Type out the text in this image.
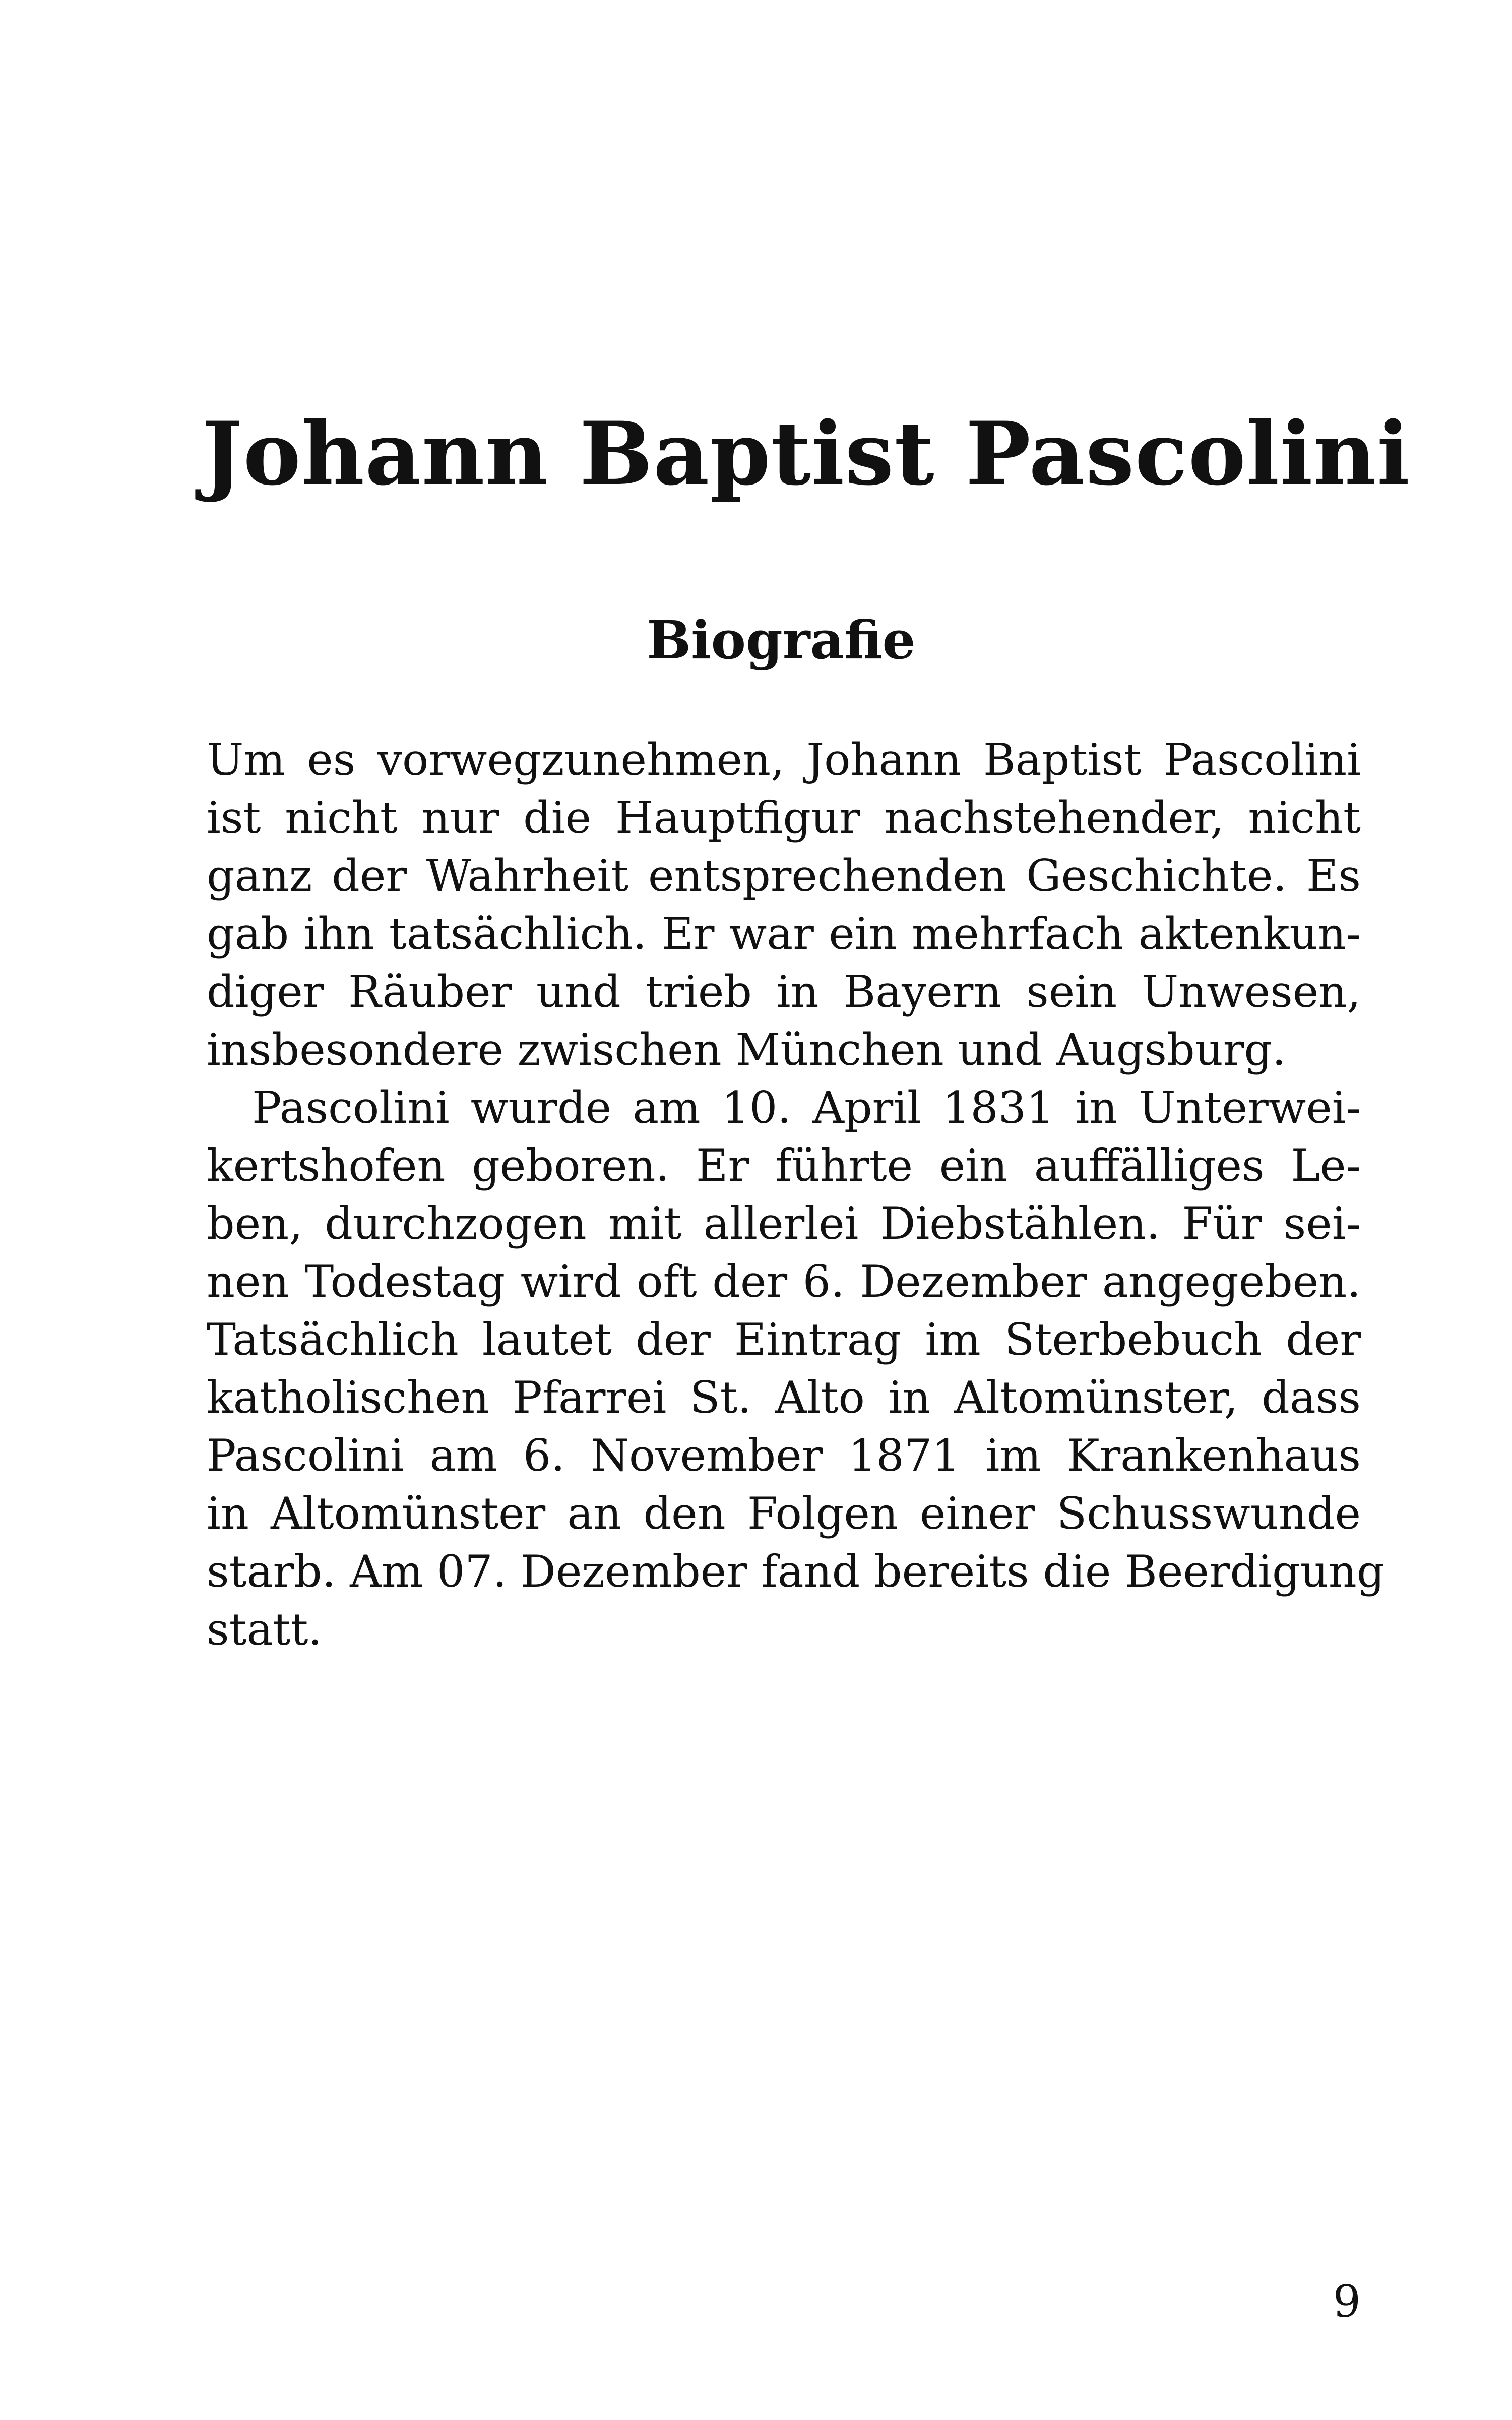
Johann Baptist Pascolini
Biografie
Um es vorwegzunehmen, Johann Baptist Pascolini
ist nicht nur die Hauptfigur nachstehender, nicht
ganz der Wahrheit entsprechenden Geschichte. Es
gab ihn tatsächlich. Er war ein mehrfach aktenkun-
diger Räuber und trieb in Bayern sein Unwesen,
insbesondere zwischen München und Augsburg.
Pascolini wurde am 10. April 1831 in Unterwei-
kertshofen geboren. Er führte ein auffälliges Le-
ben, durchzogen mit allerlei Diebstählen. Für sei-
nen Todestag wird oft der 6. Dezember angegeben.
Tatsächlich lautet der Eintrag im Sterbebuch der
katholischen Pfarrei St. Alto in Altomünster, dass
Pascolini am 6. November 1871 im Krankenhaus
in Altomünster an den Folgen einer Schusswunde
starb. Am 07. Dezember fand bereits die Beerdigung
statt.
9
